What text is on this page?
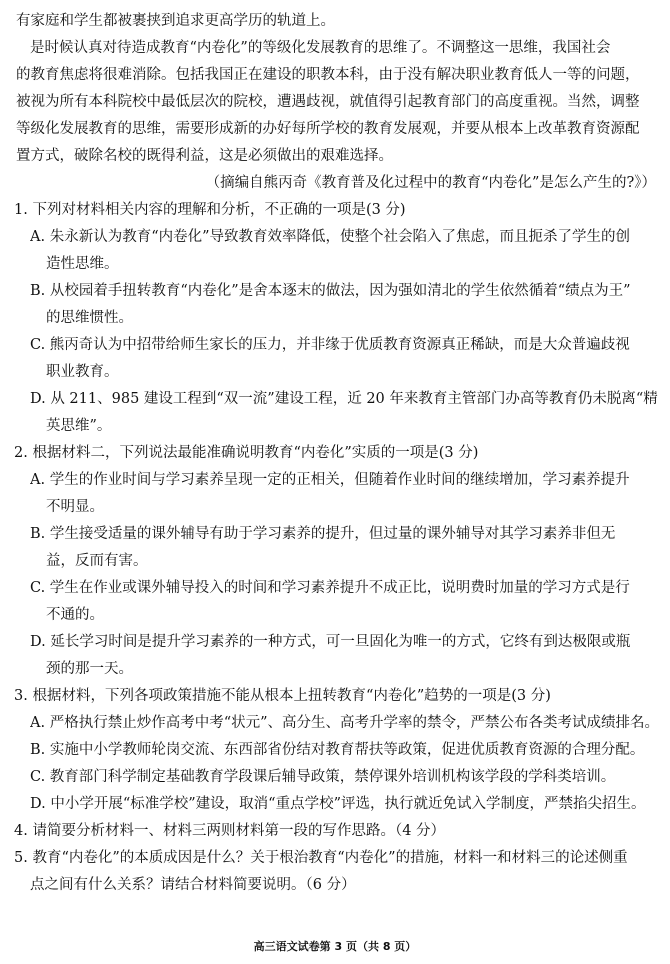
有家庭和学生都被裹挟到追求更高学历的轨道上。
是时候认真对待造成教育“内卷化”的等级化发展教育的思维了。不调整这一思维，我国社会
的教育焦虑将很难消除。包括我国正在建设的职教本科，由于没有解决职业教育低人一等的问题，
被视为所有本科院校中最低层次的院校，遭遇歧视，就值得引起教育部门的高度重视。当然，调整
等级化发展教育的思维，需要形成新的办好每所学校的教育发展观，并要从根本上改革教育资源配
置方式，破除名校的既得利益，这是必须做出的艰难选择。
（摘编自熊丙奇《教育普及化过程中的教育“内卷化”是怎么产生的?》）
1. 下列对材料相关内容的理解和分析，不正确的一项是(3 分)
A. 朱永新认为教育“内卷化”导致教育效率降低，使整个社会陷入了焦虑，而且扼杀了学生的创
造性思维。
B. 从校园着手扭转教育“内卷化”是舍本逐末的做法，因为强如清北的学生依然循着“绩点为王”
的思维惯性。
C. 熊丙奇认为中招带给师生家长的压力，并非缘于优质教育资源真正稀缺，而是大众普遍歧视
职业教育。
D. 从 211、985 建设工程到“双一流”建设工程，近 20 年来教育主管部门办高等教育仍未脱离“精
英思维”。
2. 根据材料二，下列说法最能准确说明教育“内卷化”实质的一项是(3 分)
A. 学生的作业时间与学习素养呈现一定的正相关，但随着作业时间的继续增加，学习素养提升
不明显。
B. 学生接受适量的课外辅导有助于学习素养的提升，但过量的课外辅导对其学习素养非但无
益，反而有害。
C. 学生在作业或课外辅导投入的时间和学习素养提升不成正比，说明费时加量的学习方式是行
不通的。
D. 延长学习时间是提升学习素养的一种方式，可一旦固化为唯一的方式，它终有到达极限或瓶
颈的那一天。
3. 根据材料，下列各项政策措施不能从根本上扭转教育“内卷化”趋势的一项是(3 分)
A. 严格执行禁止炒作高考中考“状元”、高分生、高考升学率的禁令，严禁公布各类考试成绩排名。
B. 实施中小学教师轮岗交流、东西部省份结对教育帮扶等政策，促进优质教育资源的合理分配。
C. 教育部门科学制定基础教育学段课后辅导政策，禁停课外培训机构该学段的学科类培训。
D. 中小学开展“标准学校”建设，取消“重点学校”评选，执行就近免试入学制度，严禁掐尖招生。
4. 请简要分析材料一、材料三两则材料第一段的写作思路。（4 分）
5. 教育“内卷化”的本质成因是什么？关于根治教育“内卷化”的措施，材料一和材料三的论述侧重
点之间有什么关系？请结合材料简要说明。（6 分）
高三语文试卷第 3 页（共 8 页）
